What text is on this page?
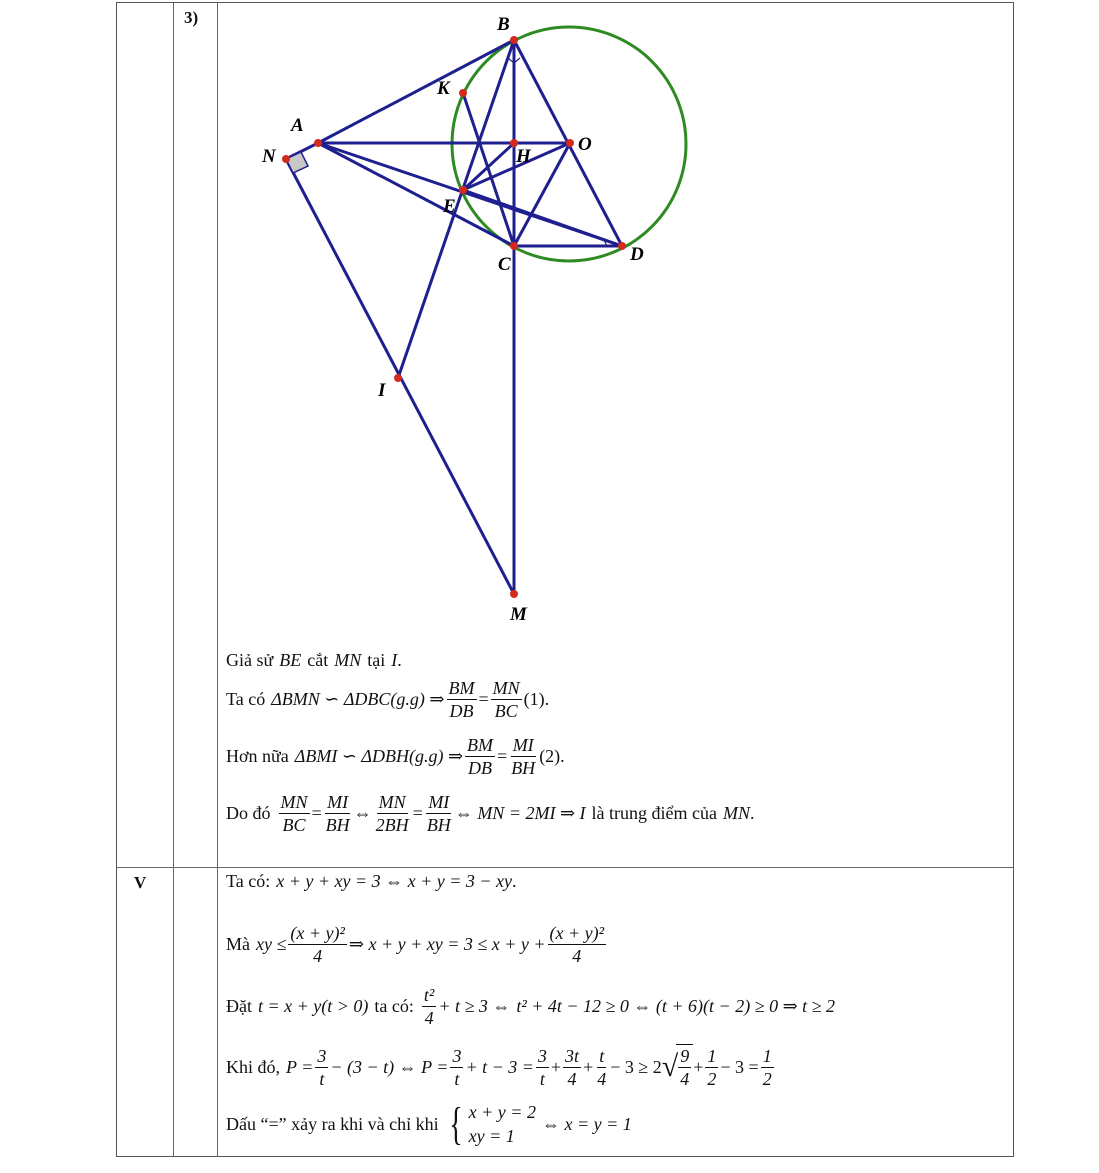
3)
V
B
K
A
N	H
O
E
C	D
I
M
Giả sử BE cắt MN tại I .
Ta có ΔBMN ∽ ΔDBC(g.g) ⇒ $\frac{BM}{DB} = \frac{MN}{BC} (1)$.
Hơn nữa ΔBMI ∽ ΔDBH(g.g) ⇒ $\frac{BM}{DB} = \frac{MI}{BH} (2)$.
Do đó $\frac{MN}{BC} = \frac{MI}{BH}$ ⇔ $\frac{MN}{2BH} = \frac{MI}{BH}$ ⇔ MN = 2MI ⇒ I là trung điểm của MN .
Ta có: x + y + xy = 3 ⇔ x + y = 3 − xy .
Mà xy ≤ $\frac{\text{(x + y)²}}{4}$ ⇒ x + y + xy = $3 \le x + y + \frac{\text{(x + y)²}}{4}$
Đặt t = x + y(t > 0) ta có: $\frac{\text{t²}}{4} + t \ge 3$ ⇔ t² + 4t − 12 ≥ 0 ⇔ (t + 6)(t − 2) ≥ 0 ⇒ t ≥ 2
Khi đó, $P = \frac{3}{t} - (3 - t)$ ⇔ $P = \frac{3}{t} + t - 3 = \frac{3}{t} + \frac{3t}{4} + \frac{t}{4} - 3 \ge 2$ √ $\frac{9}{4} + \frac{1}{2} - 3 = \frac{1}{2}$
Dấu “=” xảy ra khi và chỉ khi { x + y = 2
xy = 1
⇔ x = y = 1
